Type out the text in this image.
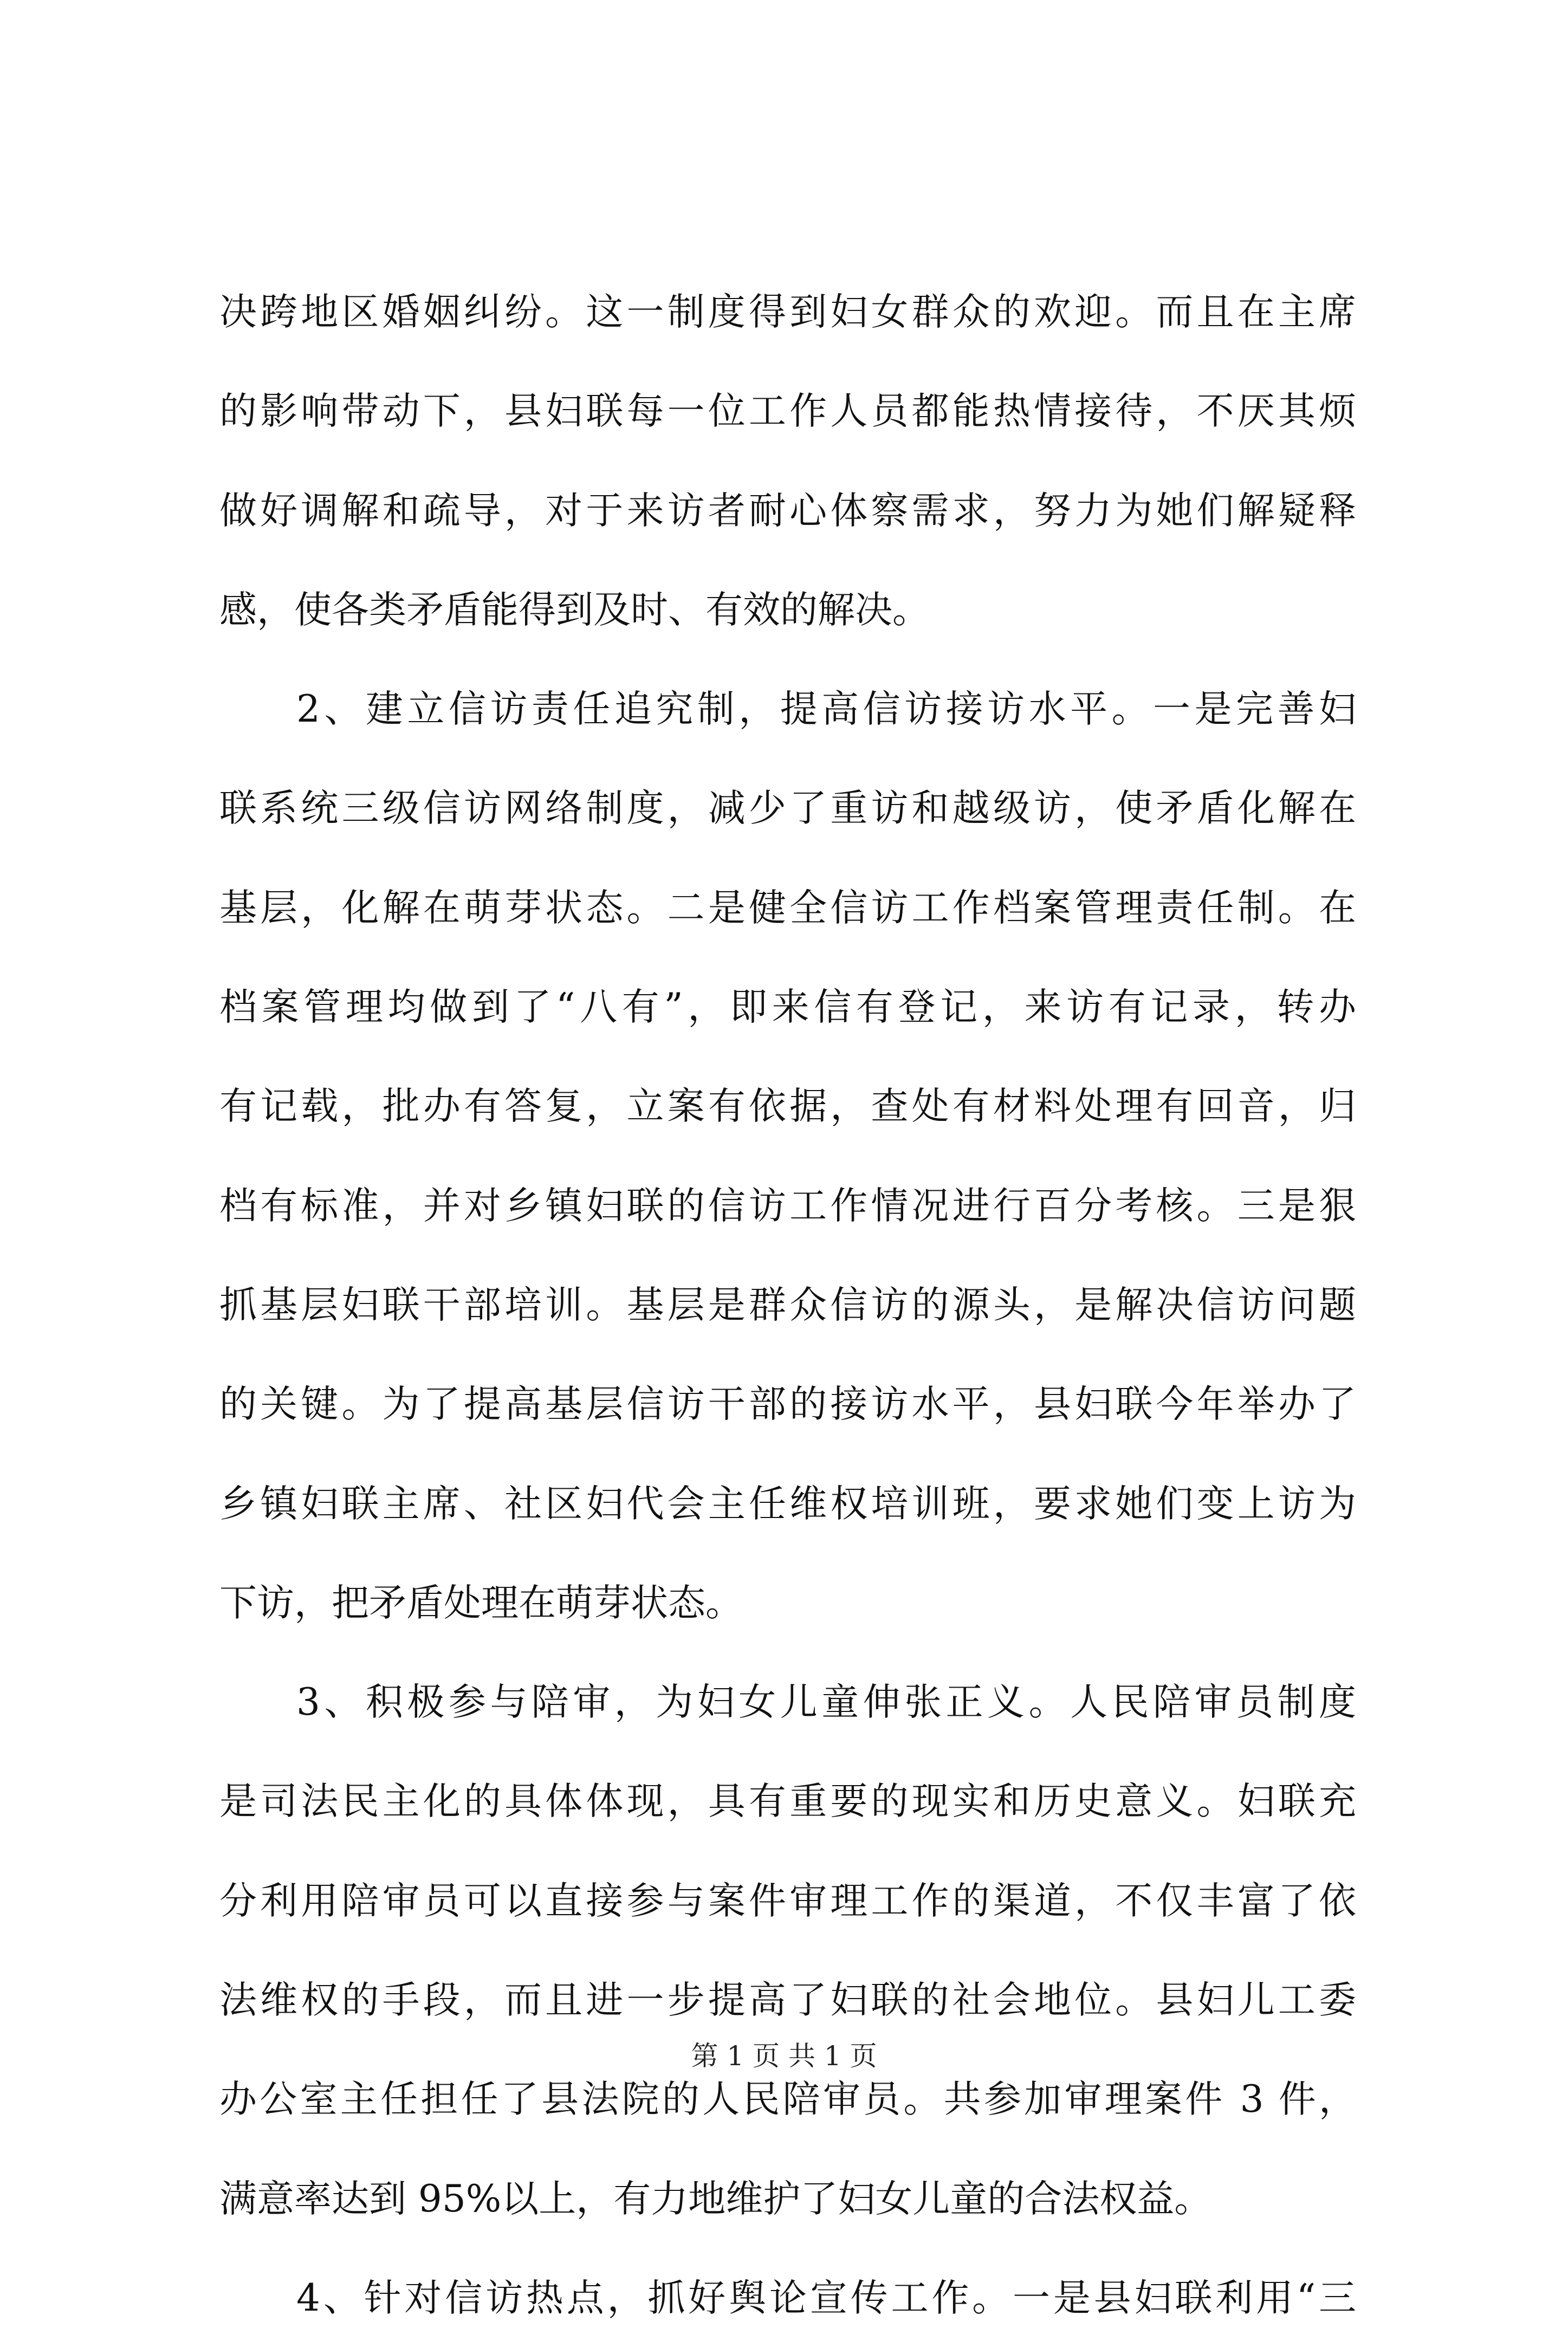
决跨地区婚姻纠纷。这一制度得到妇女群众的欢迎。而且在主席
的影响带动下，县妇联每一位工作人员都能热情接待，不厌其烦
做好调解和疏导，对于来访者耐心体察需求，努力为她们解疑释
感，使各类矛盾能得到及时、有效的解决。
2、建立信访责任追究制，提高信访接访水平。一是完善妇
联系统三级信访网络制度，减少了重访和越级访，使矛盾化解在
基层，化解在萌芽状态。二是健全信访工作档案管理责任制。在
档案管理均做到了“八有”，即来信有登记，来访有记录，转办
有记载，批办有答复，立案有依据，查处有材料处理有回音，归
档有标准，并对乡镇妇联的信访工作情况进行百分考核。三是狠
抓基层妇联干部培训。基层是群众信访的源头，是解决信访问题
的关键。为了提高基层信访干部的接访水平，县妇联今年举办了
乡镇妇联主席、社区妇代会主任维权培训班，要求她们变上访为
下访，把矛盾处理在萌芽状态。
3、积极参与陪审，为妇女儿童伸张正义。人民陪审员制度
是司法民主化的具体体现，具有重要的现实和历史意义。妇联充
分利用陪审员可以直接参与案件审理工作的渠道，不仅丰富了依
法维权的手段，而且进一步提高了妇联的社会地位。县妇儿工委
办公室主任担任了县法院的人民陪审员。共参加审理案件 3 件，
满意率达到 95%以上，有力地维护了妇女儿童的合法权益。
4、针对信访热点，抓好舆论宣传工作。一是县妇联利用“三
第 1 页 共 1 页
